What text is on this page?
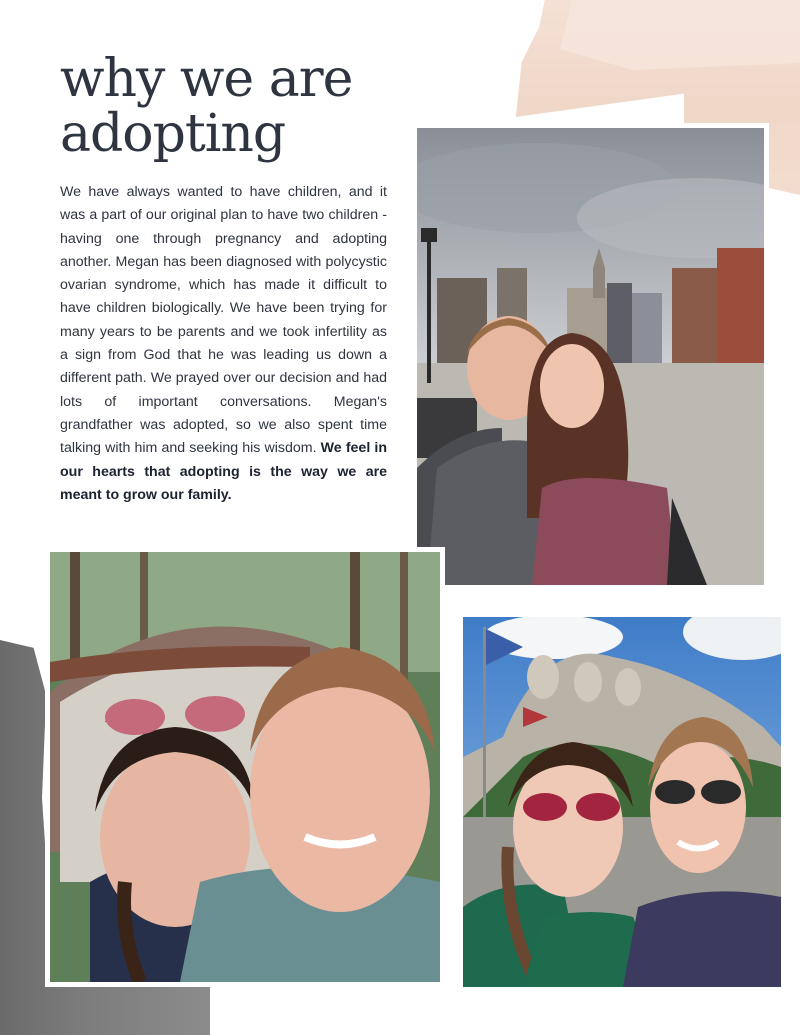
why we are
adopting

We have always wanted to have children, and it was a part of our original plan to have two children - having one through pregnancy and adopting another. Megan has been diagnosed with polycystic ovarian syndrome, which has made it difficult to have children biologically. We have been trying for many years to be parents and we took infertility as a sign from God that he was leading us down a different path. We prayed over our decision and had lots of important conversations. Megan's grandfather was adopted, so we also spent time talking with him and seeking his wisdom. We feel in our hearts that adopting is the way we are meant to grow our family.
